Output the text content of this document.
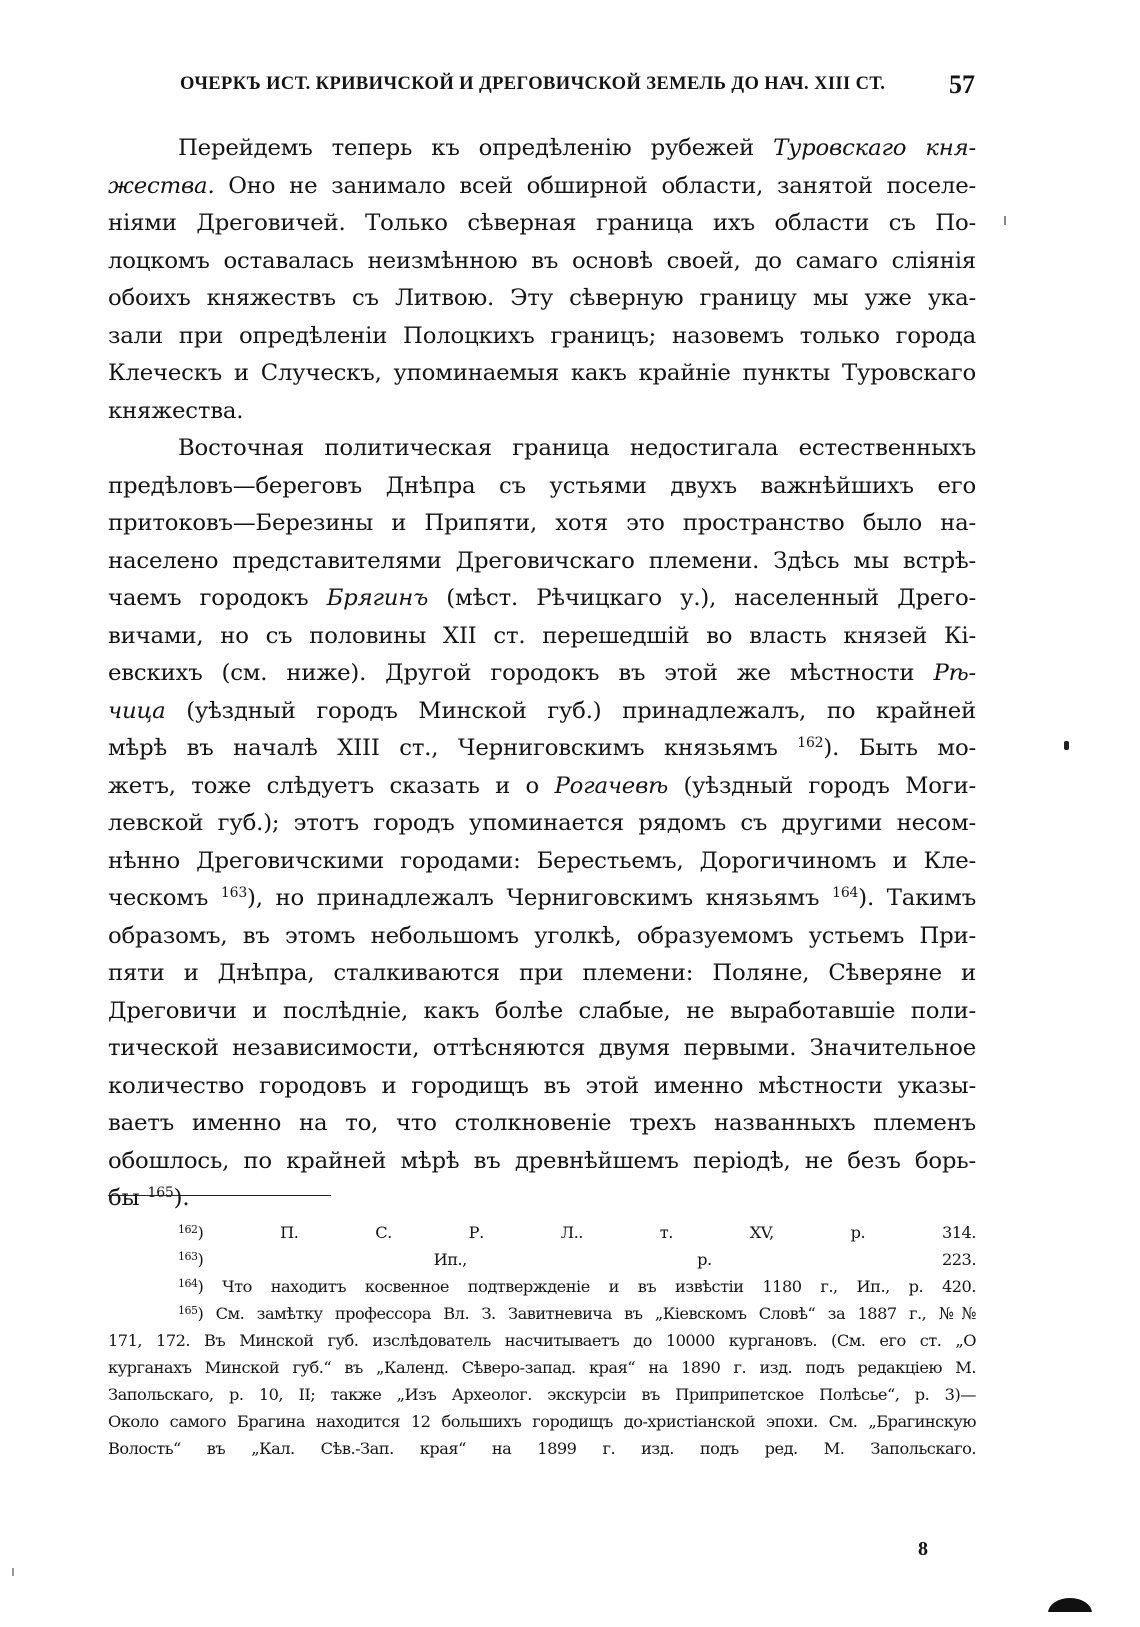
ОЧЕРКЪ ИСТ. КРИВИЧСКОЙ И ДРЕГОВИЧСКОЙ ЗЕМЕЛЬ ДО НАЧ. XIII СТ. 57
Перейдемъ теперь къ опредѣленію рубежей Туровскаго кня-
жества. Оно не занимало всей обширной области, занятой поселе-
ніями Дреговичей. Только сѣверная граница ихъ области съ По-
лоцкомъ оставалась неизмѣнною въ основѣ своей, до самаго сліянія
обоихъ княжествъ съ Литвою. Эту сѣверную границу мы уже ука-
зали при опредѣленіи Полоцкихъ границъ; назовемъ только города
Клеческъ и Случескъ, упоминаемыя какъ крайніе пункты Туровскаго
княжества.
Восточная политическая граница недостигала естественныхъ
предѣловъ—береговъ Днѣпра съ устьями двухъ важнѣйшихъ его
притоковъ—Березины и Припяти, хотя это пространство было на-
населено представителями Дреговичскаго племени. Здѣсь мы встрѣ-
чаемъ городокъ Брягинъ (мѣст. Рѣчицкаго у.), населенный Дрего-
вичами, но съ половины XII ст. перешедшій во власть князей Кі-
евскихъ (см. ниже). Другой городокъ въ этой же мѣстности Рѣ-
чица (уѣздный городъ Минской губ.) принадлежалъ, по крайней
мѣрѣ въ началѣ XIII ст., Черниговскимъ князьямъ $^{162}$). Быть мо-
жетъ, тоже слѣдуетъ сказать и о Рогачевѣ (уѣздный городъ Моги-
левской губ.); этотъ городъ упоминается рядомъ съ другими несом-
нѣнно Дреговичскими городами: Берестьемъ, Дорогичиномъ и Кле-
ческомъ $^{163}$), но принадлежалъ Черниговскимъ князьямъ $^{164}$). Такимъ
образомъ, въ этомъ небольшомъ уголкѣ, образуемомъ устьемъ При-
пяти и Днѣпра, сталкиваются при племени: Поляне, Сѣверяне и
Дреговичи и послѣдніе, какъ болѣе слабые, не выработавшіе поли-
тической независимости, оттѣсняются двумя первыми. Значительное
количество городовъ и городищъ въ этой именно мѣстности указы-
ваетъ именно на то, что столкновеніе трехъ названныхъ племенъ
обошлось, по крайней мѣрѣ въ древнѣйшемъ періодѣ, не безъ борь-
бы $^{165}$).
$^{162}$) П. С. Р. Л.. т. XV, р. 314.
$^{163}$) Ип., р. 223.
$^{164}$) Что находитъ косвенное подтвержденіе и въ извѣстіи 1180 г., Ип., р. 420.
$^{165}$) См. замѣтку профессора Вл. З. Завитневича въ „Кіевскомъ Словѣ“ за 1887 г., №№
171, 172. Въ Минской губ. изслѣдователь насчитываетъ до 10000 кургановъ. (См. его ст. „О
курганахъ Минской губ.“ въ „Календ. Сѣверо-запад. края“ на 1890 г. изд. подъ редакціею М.
Запольскаго, р. 10, II; также „Изъ Археолог. экскурсіи въ Приприпетское Полѣсье“, р. 3)—
Около самого Брагина находится 12 большихъ городищъ до-христіанской эпохи. См. „Брагинскую
Волость“ въ „Кал. Сѣв.-Зап. края“ на 1899 г. изд. подъ ред. М. Запольскаго.
8
